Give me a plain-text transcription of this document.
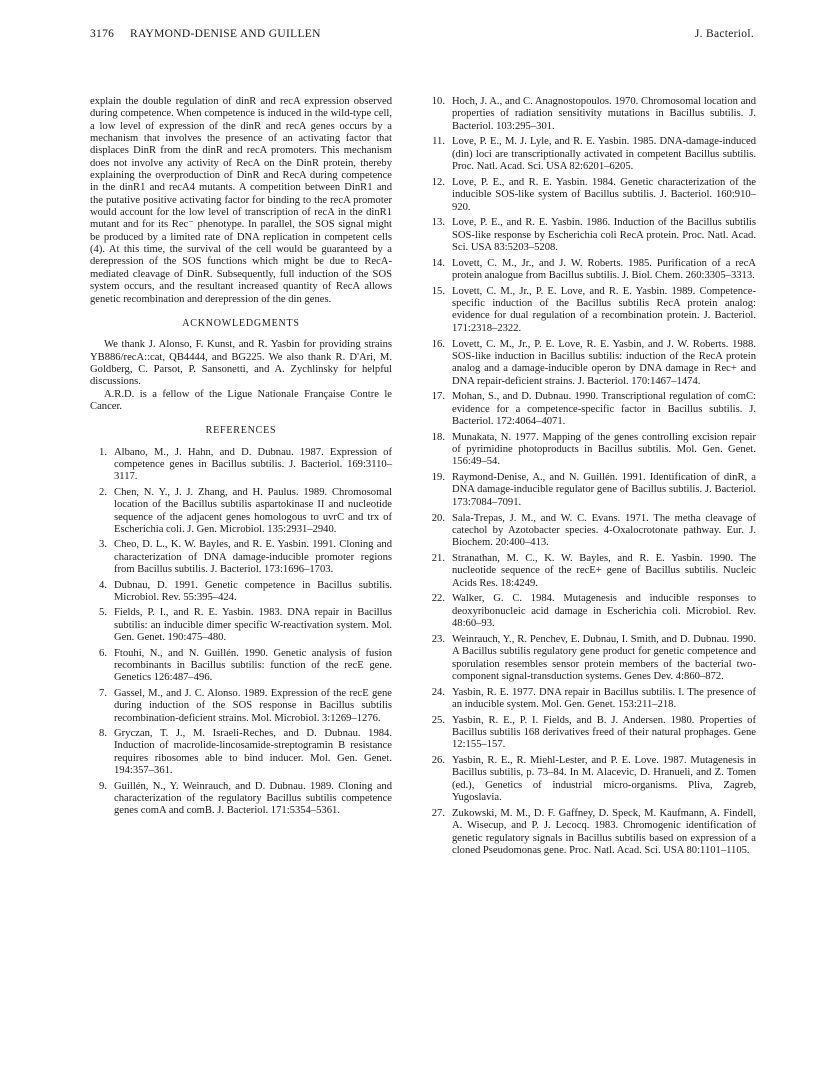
3176 RAYMOND-DENISE AND GUILLEN	J. Bacteriol.

explain the double regulation of dinR and recA expression observed during competence. When competence is induced in the wild-type cell, a low level of expression of the dinR and recA genes occurs by a mechanism that involves the presence of an activating factor that displaces DinR from the dinR and recA promoters. This mechanism does not involve any activity of RecA on the DinR protein, thereby explaining the overproduction of DinR and RecA during competence in the dinR1 and recA4 mutants. A competition between DinR1 and the putative positive activating factor for binding to the recA promoter would account for the low level of transcription of recA in the dinR1 mutant and for its Rec⁻ phenotype. In parallel, the SOS signal might be produced by a limited rate of DNA replication in competent cells (4). At this time, the survival of the cell would be guaranteed by a derepression of the SOS functions which might be due to RecA-mediated cleavage of DinR. Subsequently, full induction of the SOS system occurs, and the resultant increased quantity of RecA allows genetic recombination and derepression of the din genes.

ACKNOWLEDGMENTS

We thank J. Alonso, F. Kunst, and R. Yasbin for providing strains YB886/recA::cat, QB4444, and BG225. We also thank R. D'Ari, M. Goldberg, C. Parsot, P. Sansonetti, and A. Zychlinsky for helpful discussions.

A.R.D. is a fellow of the Ligue Nationale Française Contre le Cancer.

REFERENCES
1. Albano, M., J. Hahn, and D. Dubnau. 1987. Expression of competence genes in Bacillus subtilis. J. Bacteriol. 169:3110–3117.
2. Chen, N. Y., J. J. Zhang, and H. Paulus. 1989. Chromosomal location of the Bacillus subtilis aspartokinase II and nucleotide sequence of the adjacent genes homologous to uvrC and trx of Escherichia coli. J. Gen. Microbiol. 135:2931–2940.
3. Cheo, D. L., K. W. Bayles, and R. E. Yasbin. 1991. Cloning and characterization of DNA damage-inducible promoter regions from Bacillus subtilis. J. Bacteriol. 173:1696–1703.
4. Dubnau, D. 1991. Genetic competence in Bacillus subtilis. Microbiol. Rev. 55:395–424.
5. Fields, P. I., and R. E. Yasbin. 1983. DNA repair in Bacillus subtilis: an inducible dimer specific W-reactivation system. Mol. Gen. Genet. 190:475–480.
6. Ftouhi, N., and N. Guillén. 1990. Genetic analysis of fusion recombinants in Bacillus subtilis: function of the recE gene. Genetics 126:487–496.
7. Gassel, M., and J. C. Alonso. 1989. Expression of the recE gene during induction of the SOS response in Bacillus subtilis recombination-deficient strains. Mol. Microbiol. 3:1269–1276.
8. Gryczan, T. J., M. Israeli-Reches, and D. Dubnau. 1984. Induction of macrolide-lincosamide-streptogramin B resistance requires ribosomes able to bind inducer. Mol. Gen. Genet. 194:357–361.
9. Guillén, N., Y. Weinrauch, and D. Dubnau. 1989. Cloning and characterization of the regulatory Bacillus subtilis competence genes comA and comB. J. Bacteriol. 171:5354–5361.
10. Hoch, J. A., and C. Anagnostopoulos. 1970. Chromosomal location and properties of radiation sensitivity mutations in Bacillus subtilis. J. Bacteriol. 103:295–301.
11. Love, P. E., M. J. Lyle, and R. E. Yasbin. 1985. DNA-damage-induced (din) loci are transcriptionally activated in competent Bacillus subtilis. Proc. Natl. Acad. Sci. USA 82:6201–6205.
12. Love, P. E., and R. E. Yasbin. 1984. Genetic characterization of the inducible SOS-like system of Bacillus subtilis. J. Bacteriol. 160:910–920.
13. Love, P. E., and R. E. Yasbin. 1986. Induction of the Bacillus subtilis SOS-like response by Escherichia coli RecA protein. Proc. Natl. Acad. Sci. USA 83:5203–5208.
14. Lovett, C. M., Jr., and J. W. Roberts. 1985. Purification of a recA protein analogue from Bacillus subtilis. J. Biol. Chem. 260:3305–3313.
15. Lovett, C. M., Jr., P. E. Love, and R. E. Yasbin. 1989. Competence-specific induction of the Bacillus subtilis RecA protein analog: evidence for dual regulation of a recombination protein. J. Bacteriol. 171:2318–2322.
16. Lovett, C. M., Jr., P. E. Love, R. E. Yasbin, and J. W. Roberts. 1988. SOS-like induction in Bacillus subtilis: induction of the RecA protein analog and a damage-inducible operon by DNA damage in Rec+ and DNA repair-deficient strains. J. Bacteriol. 170:1467–1474.
17. Mohan, S., and D. Dubnau. 1990. Transcriptional regulation of comC: evidence for a competence-specific factor in Bacillus subtilis. J. Bacteriol. 172:4064–4071.
18. Munakata, N. 1977. Mapping of the genes controlling excision repair of pyrimidine photoproducts in Bacillus subtilis. Mol. Gen. Genet. 156:49–54.
19. Raymond-Denise, A., and N. Guillén. 1991. Identification of dinR, a DNA damage-inducible regulator gene of Bacillus subtilis. J. Bacteriol. 173:7084–7091.
20. Sala-Trepas, J. M., and W. C. Evans. 1971. The metha cleavage of catechol by Azotobacter species. 4-Oxalocrotonate pathway. Eur. J. Biochem. 20:400–413.
21. Stranathan, M. C., K. W. Bayles, and R. E. Yasbin. 1990. The nucleotide sequence of the recE+ gene of Bacillus subtilis. Nucleic Acids Res. 18:4249.
22. Walker, G. C. 1984. Mutagenesis and inducible responses to deoxyribonucleic acid damage in Escherichia coli. Microbiol. Rev. 48:60–93.
23. Weinrauch, Y., R. Penchev, E. Dubnau, I. Smith, and D. Dubnau. 1990. A Bacillus subtilis regulatory gene product for genetic competence and sporulation resembles sensor protein members of the bacterial two-component signal-transduction systems. Genes Dev. 4:860–872.
24. Yasbin, R. E. 1977. DNA repair in Bacillus subtilis. I. The presence of an inducible system. Mol. Gen. Genet. 153:211–218.
25. Yasbin, R. E., P. I. Fields, and B. J. Andersen. 1980. Properties of Bacillus subtilis 168 derivatives freed of their natural prophages. Gene 12:155–157.
26. Yasbin, R. E., R. Miehl-Lester, and P. E. Love. 1987. Mutagenesis in Bacillus subtilis, p. 73–84. In M. Alacevic, D. Hranueli, and Z. Tomen (ed.), Genetics of industrial micro-organisms. Pliva, Zagreb, Yugoslavia.
27. Zukowski, M. M., D. F. Gaffney, D. Speck, M. Kaufmann, A. Findell, A. Wisecup, and P. J. Lecocq. 1983. Chromogenic identification of genetic regulatory signals in Bacillus subtilis based on expression of a cloned Pseudomonas gene. Proc. Natl. Acad. Sci. USA 80:1101–1105.
